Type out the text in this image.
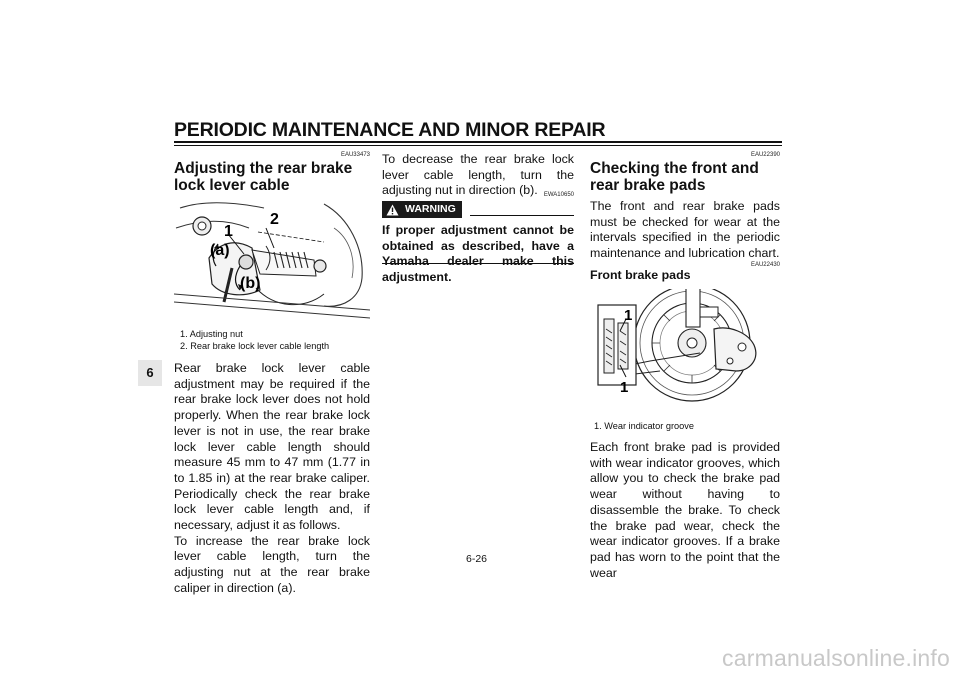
PERIODIC MAINTENANCE AND MINOR REPAIR
6
EAU33473
Adjusting the rear brake lock lever cable
1
2
(a)
(b)
1. Adjusting nut
2. Rear brake lock lever cable length

Rear brake lock lever cable adjustment may be required if the rear brake lock lever does not hold properly. When the rear brake lock lever is not in use, the rear brake lock lever cable length should measure 45 mm to 47 mm (1.77 in to 1.85 in) at the rear brake caliper. Periodically check the rear brake lock lever cable length and, if necessary, adjust it as follows.

To increase the rear brake lock lever cable length, turn the adjusting nut at the rear brake caliper in direction (a).

To decrease the rear brake lock lever cable length, turn the adjusting nut in direction (b).	EWA10650
WARNING
If proper adjustment cannot be obtained as described, have a Yamaha dealer make this adjustment.
EAU22390
Checking the front and rear brake pads
The front and rear brake pads must be checked for wear at the intervals specified in the periodic maintenance and lubrication chart.
EAU22430
Front brake pads
1
1
1. Wear indicator groove
Each front brake pad is provided with wear indicator grooves, which allow you to check the brake pad wear without having to disassemble the brake. To check the brake pad wear, check the wear indicator grooves. If a brake pad has worn to the point that the wear
6-26
carmanualsonline.info
